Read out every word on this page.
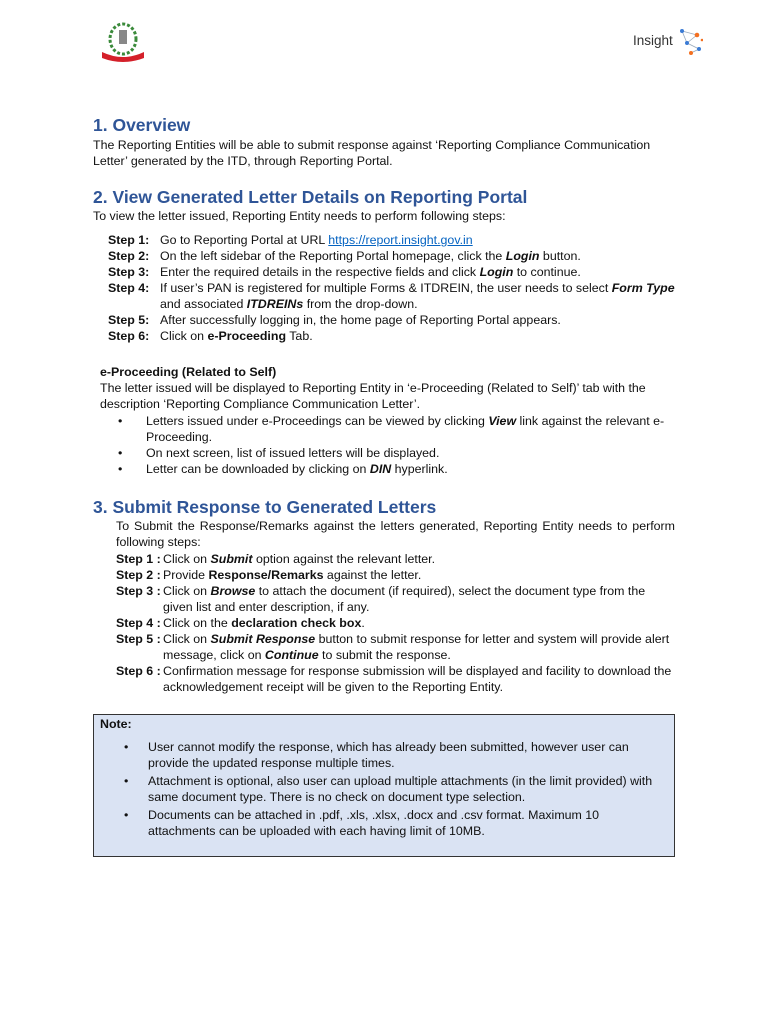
Insight
1. Overview
The Reporting Entities will be able to submit response against ‘Reporting Compliance Communication Letter’ generated by the ITD, through Reporting Portal.
2. View Generated Letter Details on Reporting Portal
To view the letter issued, Reporting Entity needs to perform following steps:
Step 1: Go to Reporting Portal at URL https://report.insight.gov.in
Step 2: On the left sidebar of the Reporting Portal homepage, click the Login button.
Step 3: Enter the required details in the respective fields and click Login to continue.
Step 4: If user’s PAN is registered for multiple Forms & ITDREIN, the user needs to select Form Type and associated ITDREINs from the drop-down.
Step 5: After successfully logging in, the home page of Reporting Portal appears.
Step 6: Click on e-Proceeding Tab.
e-Proceeding (Related to Self)
The letter issued will be displayed to Reporting Entity in ‘e-Proceeding (Related to Self)’ tab with the description ‘Reporting Compliance Communication Letter’.
•	Letters issued under e-Proceedings can be viewed by clicking View link against the relevant e-Proceeding.
•	On next screen, list of issued letters will be displayed.
•	Letter can be downloaded by clicking on DIN hyperlink.
3. Submit Response to Generated Letters
To Submit the Response/Remarks against the letters generated, Reporting Entity needs to perform following steps:
Step 1 : Click on Submit option against the relevant letter.
Step 2 : Provide Response/Remarks against the letter.
Step 3 : Click on Browse to attach the document (if required), select the document type from the given list and enter description, if any.
Step 4 : Click on the declaration check box.
Step 5 : Click on Submit Response button to submit response for letter and system will provide alert message, click on Continue to submit the response.
Step 6 : Confirmation message for response submission will be displayed and facility to download the acknowledgement receipt will be given to the Reporting Entity.
Note:
•	User cannot modify the response, which has already been submitted, however user can provide the updated response multiple times.
•	Attachment is optional, also user can upload multiple attachments (in the limit provided) with same document type. There is no check on document type selection.
•	Documents can be attached in .pdf, .xls, .xlsx, .docx and .csv format. Maximum 10 attachments can be uploaded with each having limit of 10MB.
